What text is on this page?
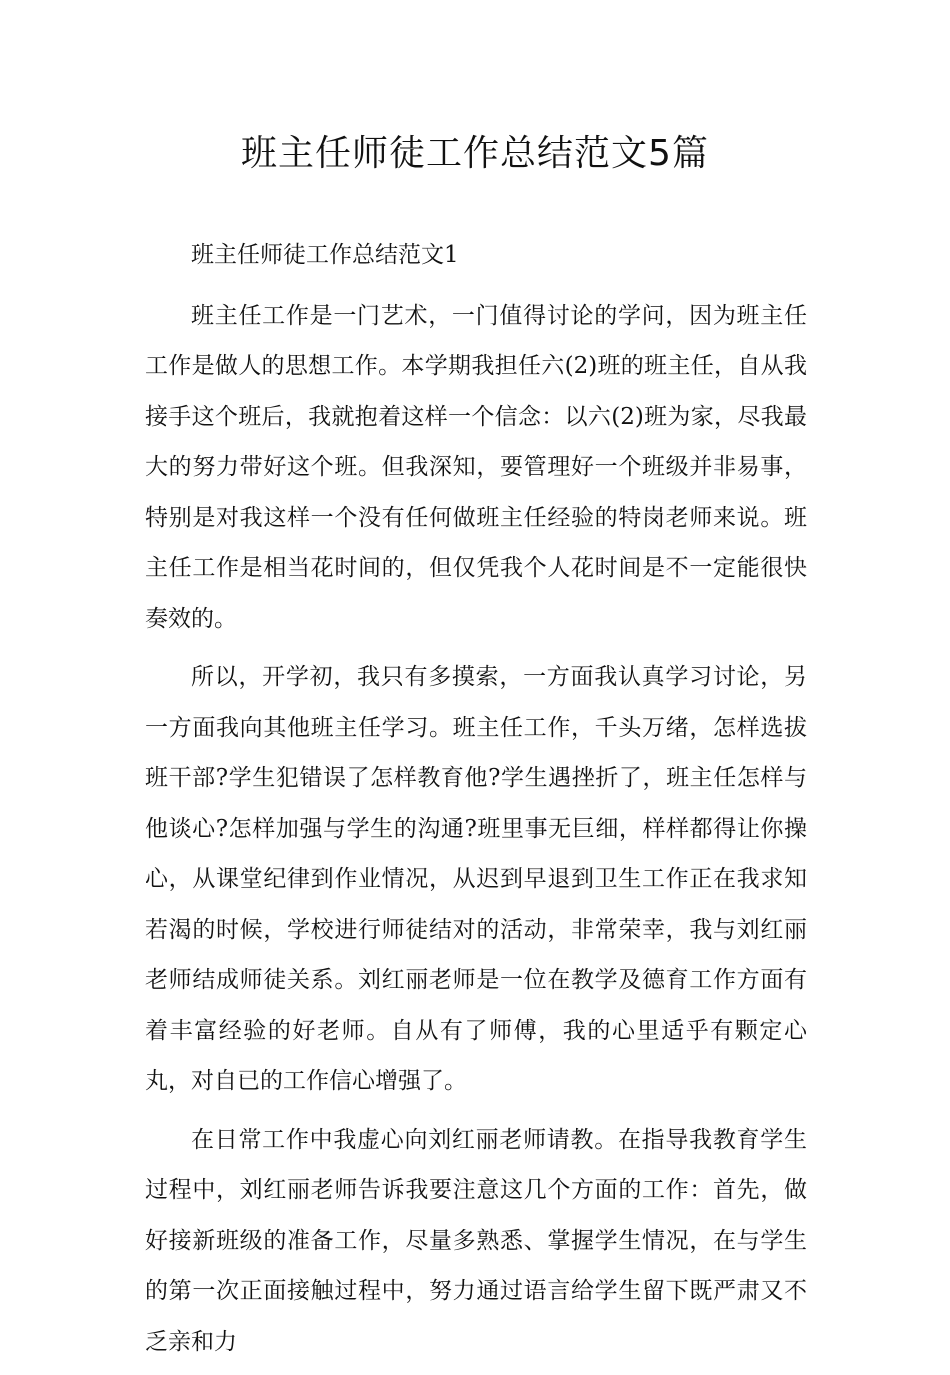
班主任师徒工作总结范文5篇

班主任师徒工作总结范文1

班主任工作是一门艺术，一门值得讨论的学问，因为班主任工作是做人的思想工作。本学期我担任六(2)班的班主任，自从我接手这个班后，我就抱着这样一个信念：以六(2)班为家，尽我最大的努力带好这个班。但我深知，要管理好一个班级并非易事，特别是对我这样一个没有任何做班主任经验的特岗老师来说。班主任工作是相当花时间的，但仅凭我个人花时间是不一定能很快奏效的。

所以，开学初，我只有多摸索，一方面我认真学习讨论，另一方面我向其他班主任学习。班主任工作，千头万绪，怎样选拔班干部?学生犯错误了怎样教育他?学生遇挫折了，班主任怎样与他谈心?怎样加强与学生的沟通?班里事无巨细，样样都得让你操心，从课堂纪律到作业情况，从迟到早退到卫生工作正在我求知若渴的时候，学校进行师徒结对的活动，非常荣幸，我与刘红丽老师结成师徒关系。刘红丽老师是一位在教学及德育工作方面有着丰富经验的好老师。自从有了师傅，我的心里适乎有颗定心丸，对自已的工作信心增强了。

在日常工作中我虚心向刘红丽老师请教。在指导我教育学生过程中，刘红丽老师告诉我要注意这几个方面的工作：首先，做好接新班级的准备工作，尽量多熟悉、掌握学生情况，在与学生的第一次正面接触过程中，努力通过语言给学生留下既严肃又不乏亲和力
